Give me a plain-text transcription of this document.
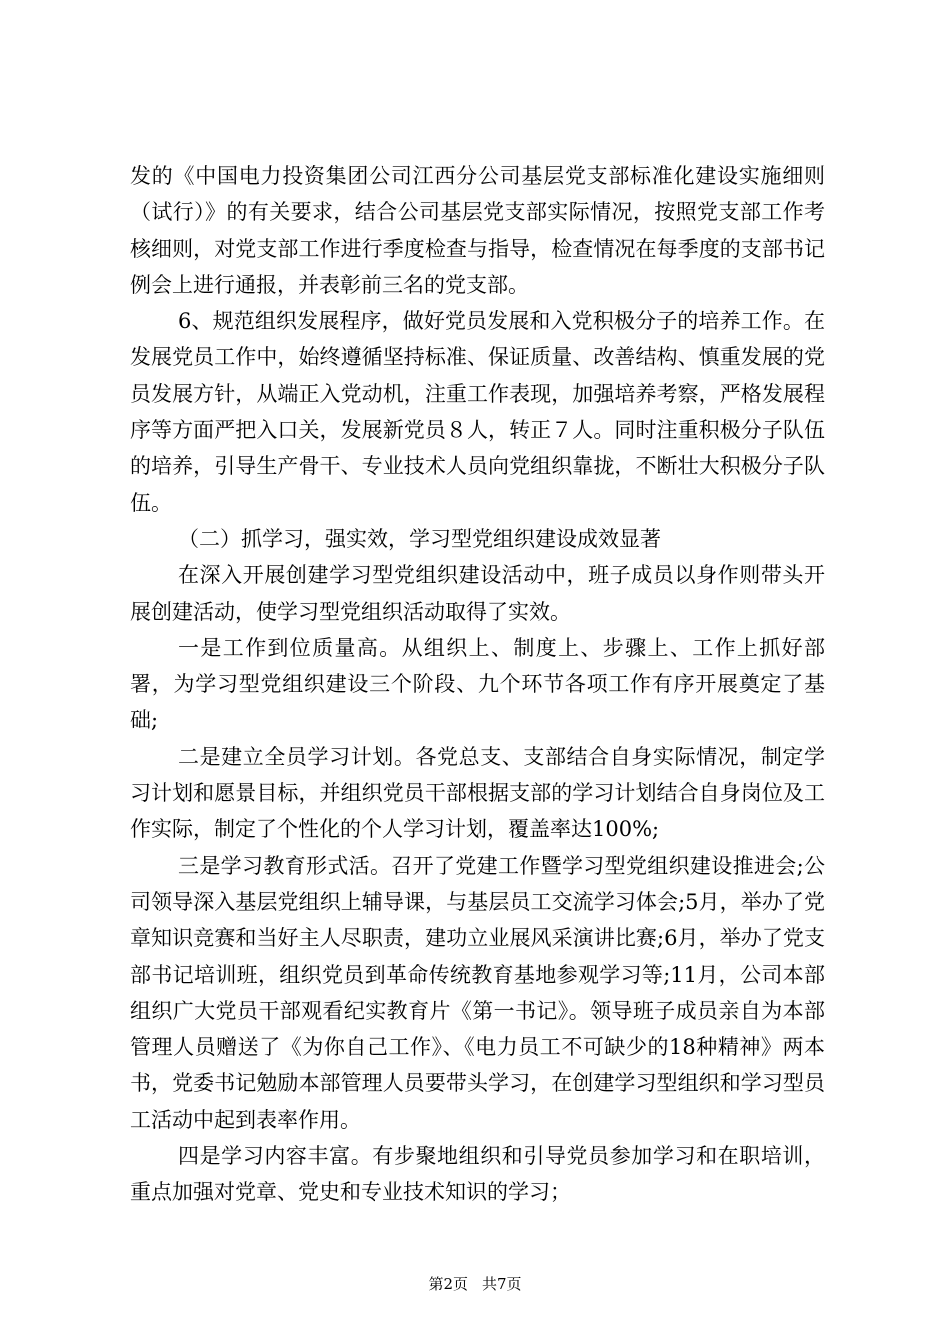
发的《中国电力投资集团公司江西分公司基层党支部标准化建设实施细则（试行）》的有关要求，结合公司基层党支部实际情况，按照党支部工作考核细则，对党支部工作进行季度检查与指导，检查情况在每季度的支部书记例会上进行通报，并表彰前三名的党支部。

6、规范组织发展程序，做好党员发展和入党积极分子的培养工作。在发展党员工作中，始终遵循坚持标准、保证质量、改善结构、慎重发展的党员发展方针，从端正入党动机，注重工作表现，加强培养考察，严格发展程序等方面严把入口关，发展新党员８人，转正７人。同时注重积极分子队伍的培养，引导生产骨干、专业技术人员向党组织靠拢，不断壮大积极分子队伍。

（二）抓学习，强实效，学习型党组织建设成效显著

在深入开展创建学习型党组织建设活动中，班子成员以身作则带头开展创建活动，使学习型党组织活动取得了实效。

一是工作到位质量高。从组织上、制度上、步骤上、工作上抓好部署，为学习型党组织建设三个阶段、九个环节各项工作有序开展奠定了基础;

二是建立全员学习计划。各党总支、支部结合自身实际情况，制定学习计划和愿景目标，并组织党员干部根据支部的学习计划结合自身岗位及工作实际，制定了个性化的个人学习计划，覆盖率达100%;

三是学习教育形式活。召开了党建工作暨学习型党组织建设推进会;公司领导深入基层党组织上辅导课，与基层员工交流学习体会;5月，举办了党章知识竞赛和当好主人尽职责，建功立业展风采演讲比赛;6月，举办了党支部书记培训班，组织党员到革命传统教育基地参观学习等;11月，公司本部组织广大党员干部观看纪实教育片《第一书记》。领导班子成员亲自为本部管理人员赠送了《为你自己工作》、《电力员工不可缺少的18种精神》两本书，党委书记勉励本部管理人员要带头学习，在创建学习型组织和学习型员工活动中起到表率作用。

四是学习内容丰富。有步聚地组织和引导党员参加学习和在职培训，重点加强对党章、党史和专业技术知识的学习；

第2页 共7页
